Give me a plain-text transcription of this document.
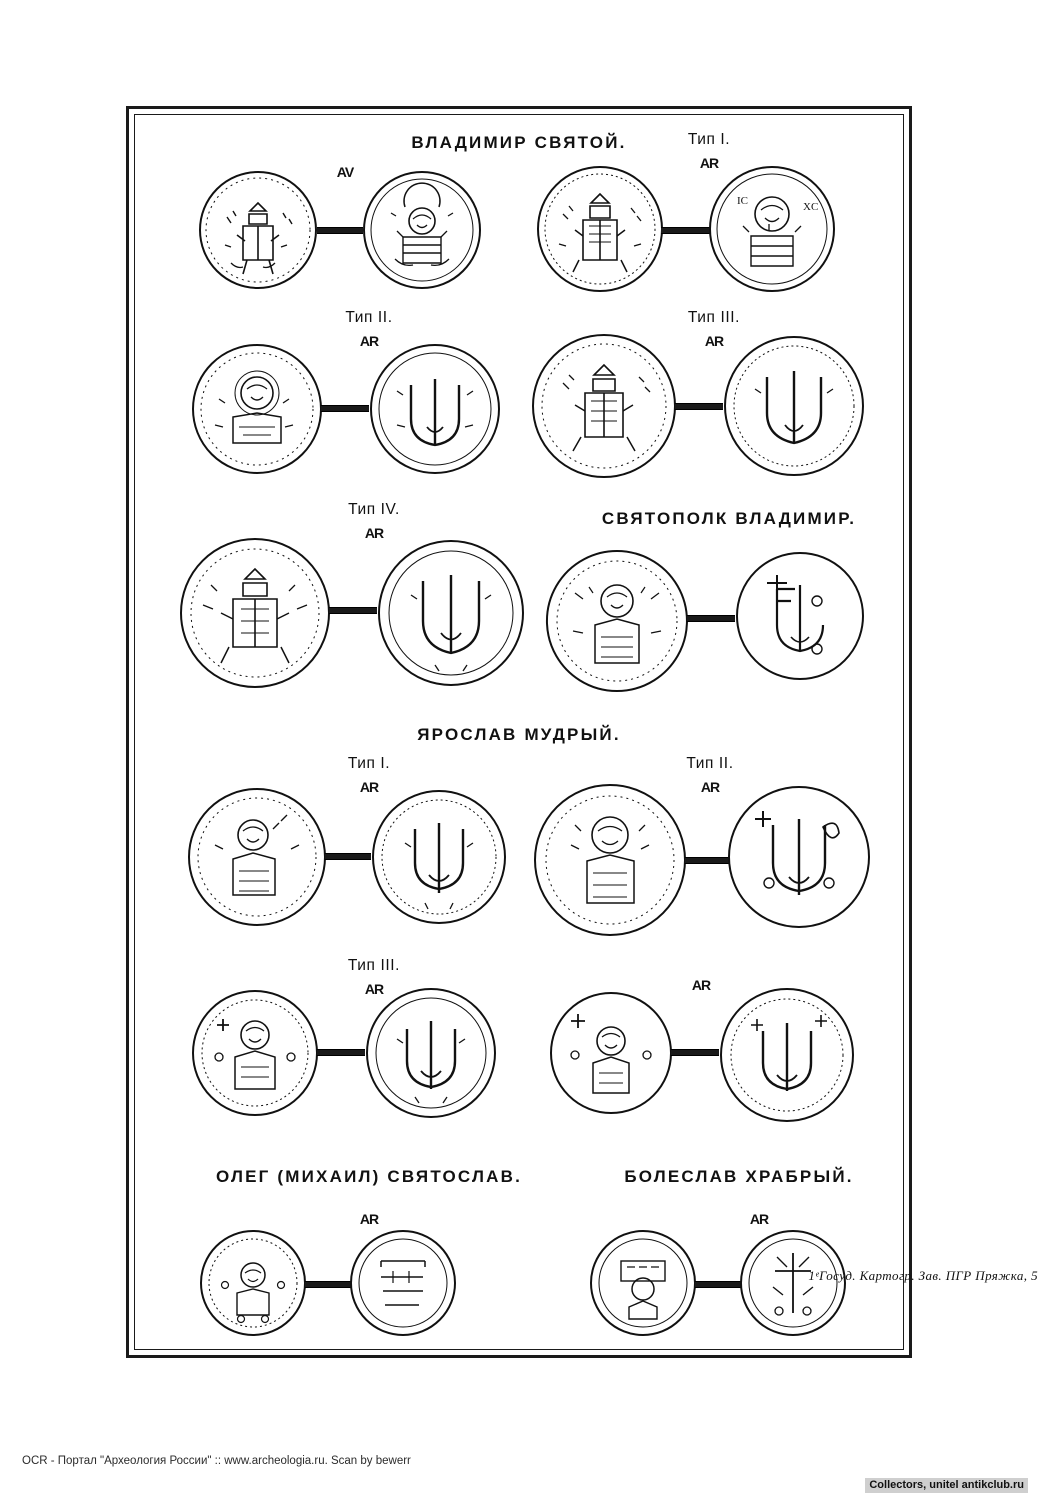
ВЛАДИМИР СВЯТОЙ.
AV
Тип I.
AR
IC	XC
Тип II.
AR
Тип III.
AR
Тип IV.
AR
СВЯТОПОЛК ВЛАДИМИР.
ЯРОСЛАВ МУДРЫЙ.
Тип I.
AR
Тип II.
AR
Тип III.
AR	AR
ОЛЕГ (МИХАИЛ) СВЯТОСЛАВ.	БОЛЕСЛАВ ХРАБРЫЙ.
AR	AR
1ᵉГосуд. Картогр. Зав. ПГР Пряжка, 5
OCR - Портал "Археология России" :: www.archeologia.ru. Scan by bewerr
Collectors, unitel antikclub.ru
